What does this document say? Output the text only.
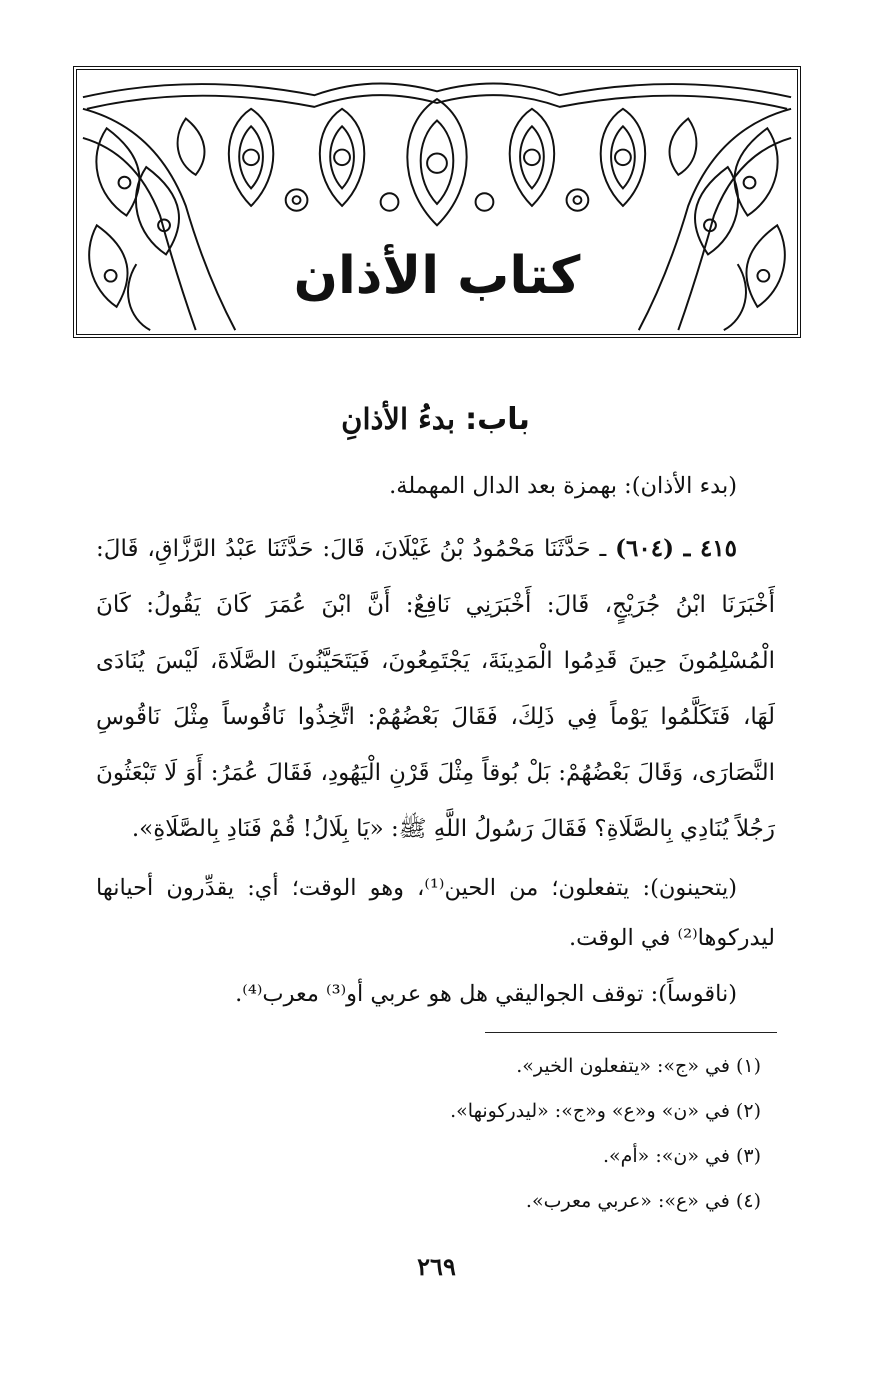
كتاب الأذان

باب: بدءُ الأذانِ

(بدء الأذان): بهمزة بعد الدال المهملة.

٤١٥ ـ (٦٠٤) ـ حَدَّثَنَا مَحْمُودُ بْنُ غَيْلَانَ، قَالَ: حَدَّثَنَا عَبْدُ الرَّزَّاقِ، قَالَ: أَخْبَرَنَا ابْنُ جُرَيْجٍ، قَالَ: أَخْبَرَنِي نَافِعٌ: أَنَّ ابْنَ عُمَرَ كَانَ يَقُولُ: كَانَ الْمُسْلِمُونَ حِينَ قَدِمُوا الْمَدِينَةَ، يَجْتَمِعُونَ، فَيَتَحَيَّنُونَ الصَّلَاةَ، لَيْسَ يُنَادَى لَهَا، فَتَكَلَّمُوا يَوْماً فِي ذَلِكَ، فَقَالَ بَعْضُهُمْ: اتَّخِذُوا نَاقُوساً مِثْلَ نَاقُوسِ النَّصَارَى، وَقَالَ بَعْضُهُمْ: بَلْ بُوقاً مِثْلَ قَرْنِ الْيَهُودِ، فَقَالَ عُمَرُ: أَوَ لَا تَبْعَثُونَ رَجُلاً يُنَادِي بِالصَّلَاةِ؟ فَقَالَ رَسُولُ اللَّهِ ﷺ: «يَا بِلَالُ! قُمْ فَنَادِ بِالصَّلَاةِ».

(يتحينون): يتفعلون؛ من الحين⁽¹⁾، وهو الوقت؛ أي: يقدِّرون أحيانها ليدركوها⁽²⁾ في الوقت.

(ناقوساً): توقف الجواليقي هل هو عربي أو⁽³⁾ معرب⁽⁴⁾.

(١) في «ج»: «يتفعلون الخير».

(٢) في «ن» و«ع» و«ج»: «ليدركونها».

(٣) في «ن»: «أم».

(٤) في «ع»: «عربي معرب».

٢٦٩
